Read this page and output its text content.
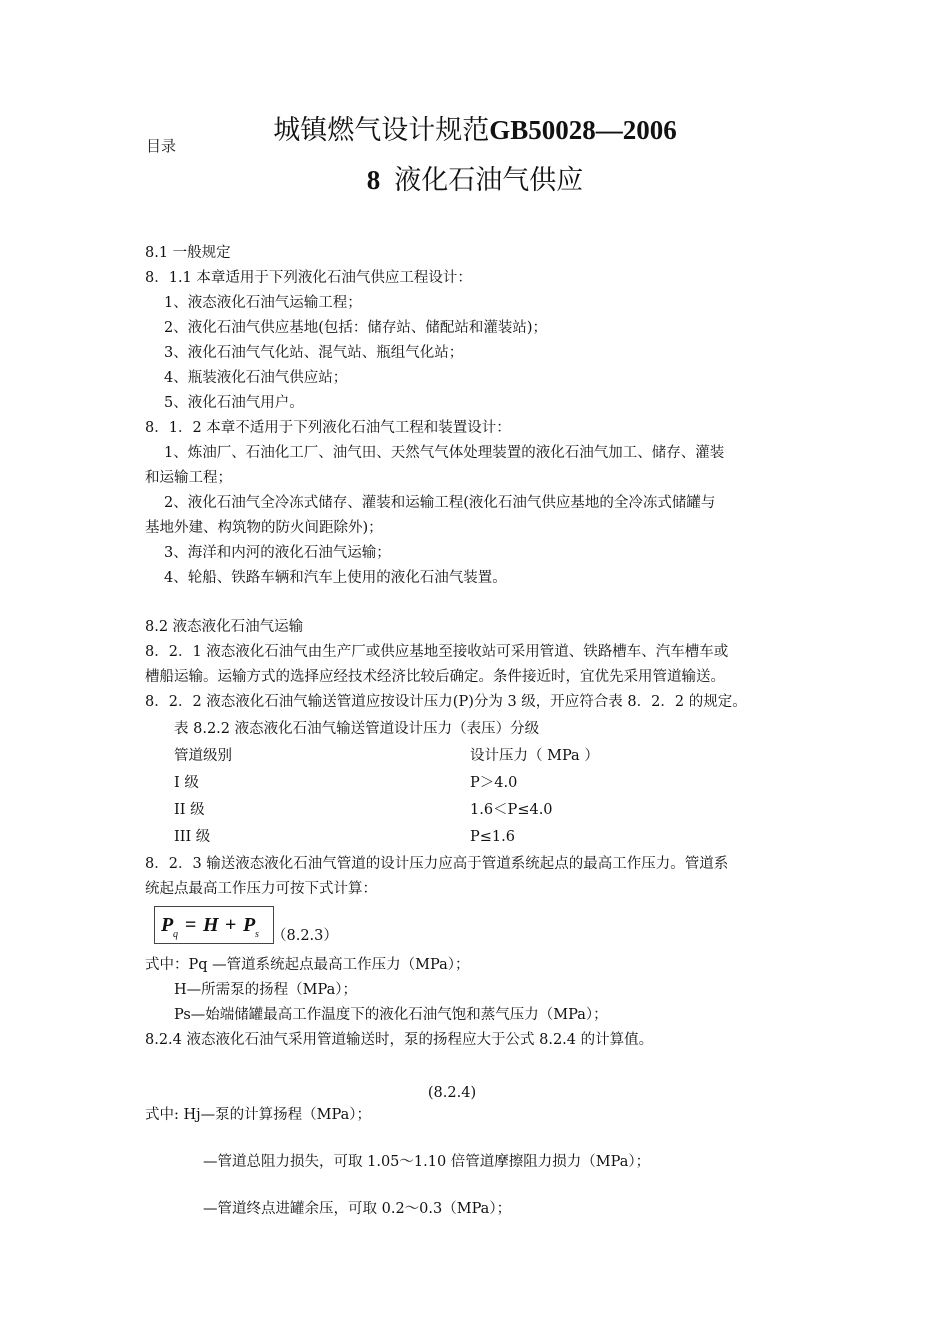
目录	城镇燃气设计规范GB50028—2006
8 液化石油气供应
8.1 一般规定
8．1.1 本章适用于下列液化石油气供应工程设计：
1、液态液化石油气运输工程；
2、液化石油气供应基地(包括：储存站、储配站和灌装站)；
3、液化石油气气化站、混气站、瓶组气化站；
4、瓶装液化石油气供应站；
5、液化石油气用户。
8．1．2 本章不适用于下列液化石油气工程和装置设计：
1、炼油厂、石油化工厂、油气田、天然气气体处理装置的液化石油气加工、储存、灌装
和运输工程；
2、液化石油气全冷冻式储存、灌装和运输工程(液化石油气供应基地的全冷冻式储罐与
基地外建、构筑物的防火间距除外)；
3、海洋和内河的液化石油气运输；
4、轮船、铁路车辆和汽车上使用的液化石油气装置。
8.2 液态液化石油气运输
8．2．1 液态液化石油气由生产厂或供应基地至接收站可采用管道、铁路槽车、汽车槽车或
槽船运输。运输方式的选择应经技术经济比较后确定。条件接近时，宜优先采用管道输送。
8．2．2 液态液化石油气输送管道应按设计压力(P)分为 3 级，开应符合表 8．2．2 的规定。
表 8.2.2 液态液化石油气输送管道设计压力（表压）分级
管道级别	设计压力（ MPa ）
I 级	P＞4.0
II 级	1.6＜P≤4.0
III 级	P≤1.6
8．2．3 输送液态液化石油气管道的设计压力应高于管道系统起点的最高工作压力。管道系
统起点最高工作压力可按下式计算：
P q = H + P s （8.2.3）
式中：Pq —管道系统起点最高工作压力（MPa）；
H—所需泵的扬程（MPa）；
Ps—始端储罐最高工作温度下的液化石油气饱和蒸气压力（MPa）；
8.2.4 液态液化石油气采用管道输送时，泵的扬程应大于公式 8.2.4 的计算值。
(8.2.4)
式中: Hj—泵的计算扬程（MPa）；
—管道总阻力损失，可取 1.05～1.10 倍管道摩擦阻力损力（MPa）；
—管道终点进罐余压，可取 0.2～0.3（MPa）；
